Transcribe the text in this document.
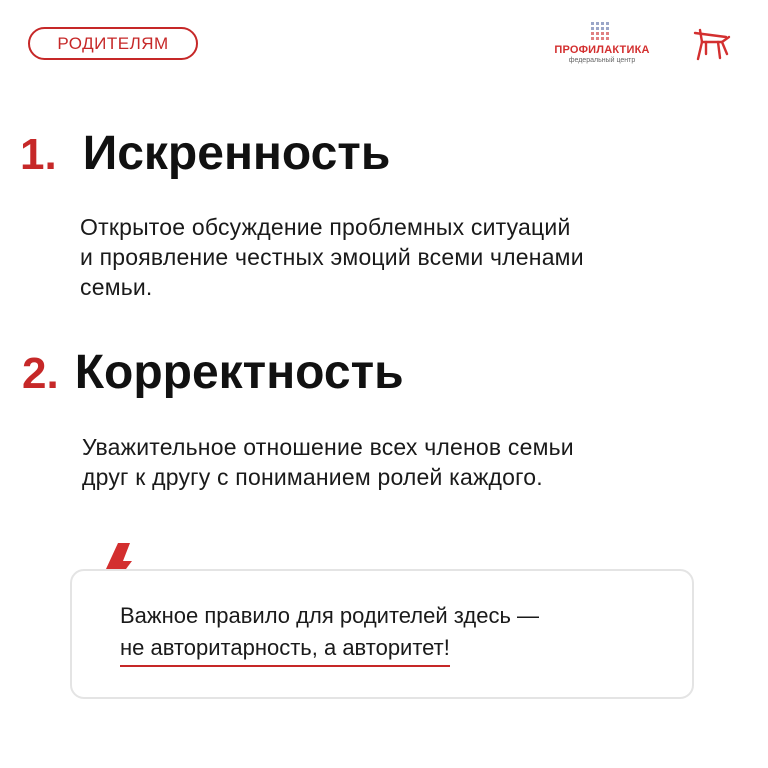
РОДИТЕЛЯМ	ПРОФИЛАКТИКА
федеральный центр
1. Искренность
Открытое обсуждение проблемных ситуаций
и проявление честных эмоций всеми членами
семьи.
2. Корректность
Уважительное отношение всех членов семьи
друг к другу с пониманием ролей каждого.
Важное правило для родителей здесь —
не авторитарность, а авторитет!
